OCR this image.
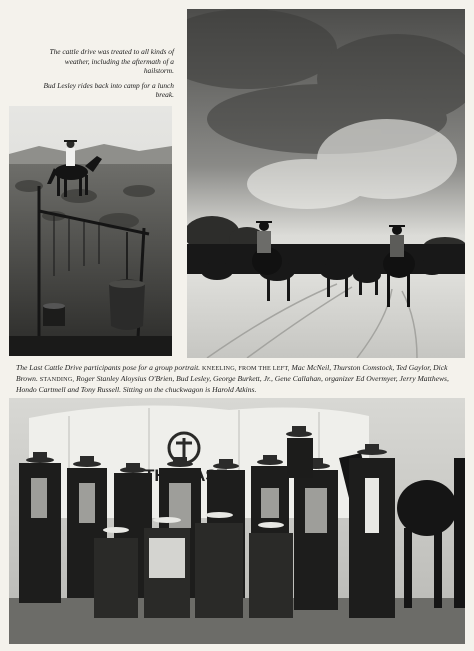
The cattle drive was treated to all kinds of weather, including the aftermath of a hailstorm.

Bud Lesley rides back into camp for a lunch break.

The Last Cattle Drive participants pose for a group portrait. KNEELING, FROM THE LEFT, Mac McNeil, Thurston Comstock, Ted Gaylor, Dick Brown. STANDING, Roger Stanley Aloysius O'Brien, Bud Lesley, George Burkett, Jr., Gene Callahan, organizer Ed Overmyer, Jerry Matthews, Hondo Cartmell and Tony Russell. Sitting on the chuckwagon is Harold Atkins.
LAST
